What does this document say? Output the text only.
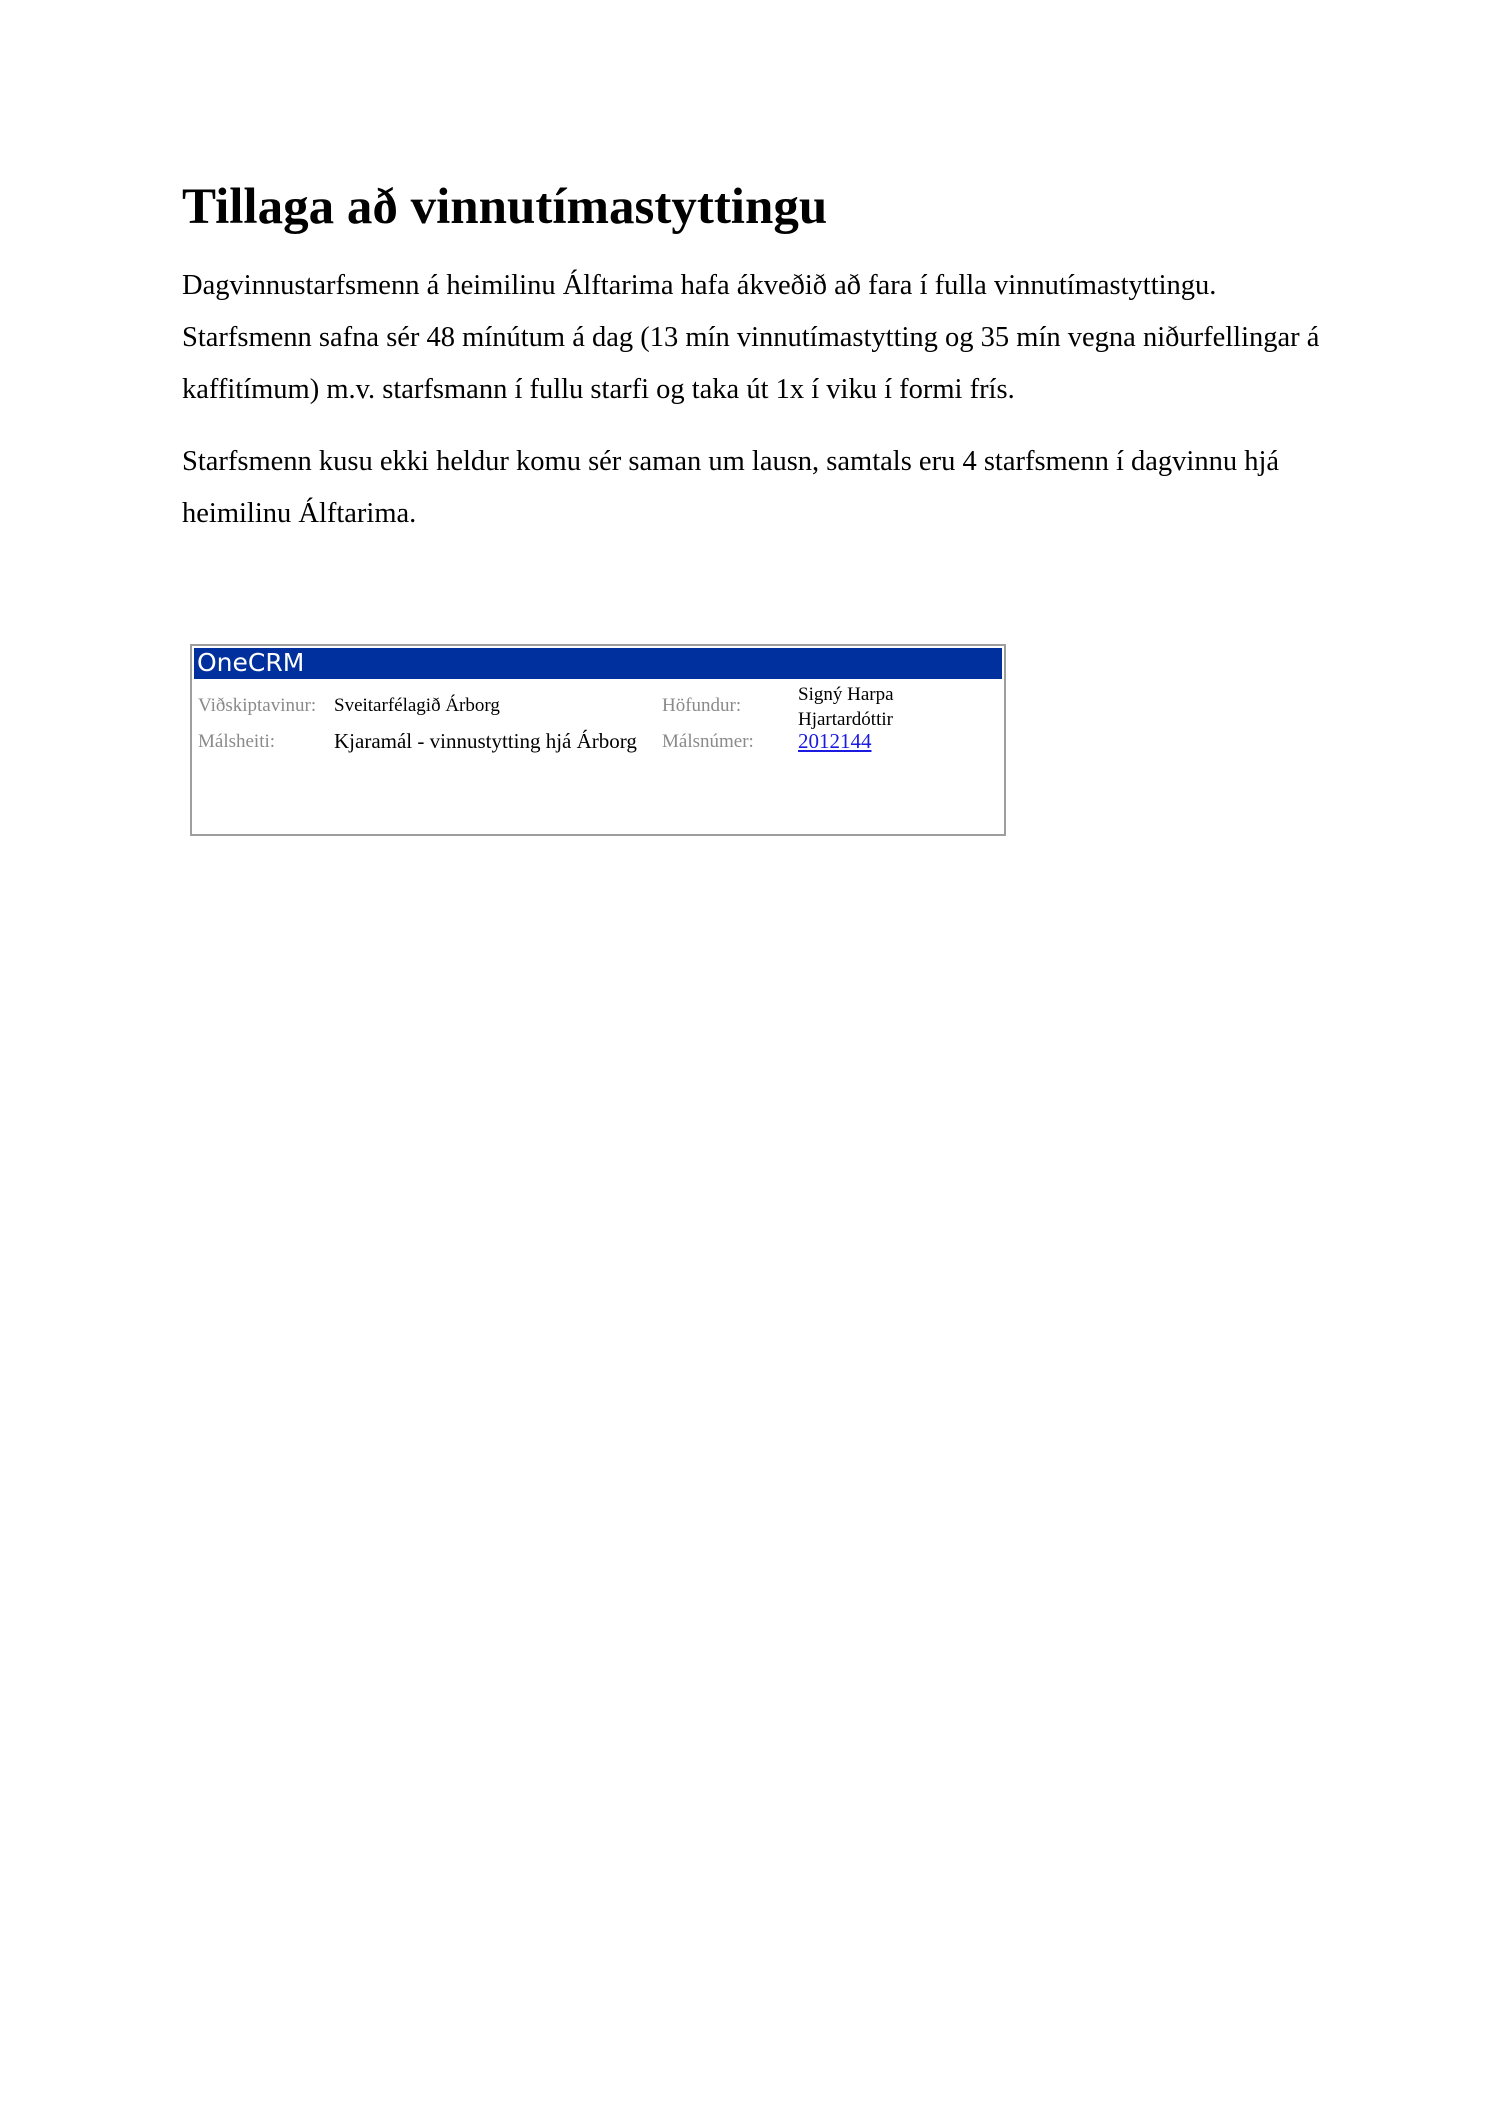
Tillaga að vinnutímastyttingu

Dagvinnustarfsmenn á heimilinu Álftarima hafa ákveðið að fara í fulla vinnutímastyttingu. Starfsmenn safna sér 48 mínútum á dag (13 mín vinnutímastytting og 35 mín vegna niðurfellingar á kaffitímum) m.v. starfsmann í fullu starfi og taka út 1x í viku í formi frís.

Starfsmenn kusu ekki heldur komu sér saman um lausn, samtals eru 4 starfsmenn í dagvinnu hjá heimilinu Álftarima.

OneCRM
Viðskiptavinur: Sveitarfélagið Árborg	Höfundur:
Signý Harpa
Hjartardóttir
Málsheiti:	Kjaramál - vinnustytting hjá Árborg Málsnúmer: 2012144
